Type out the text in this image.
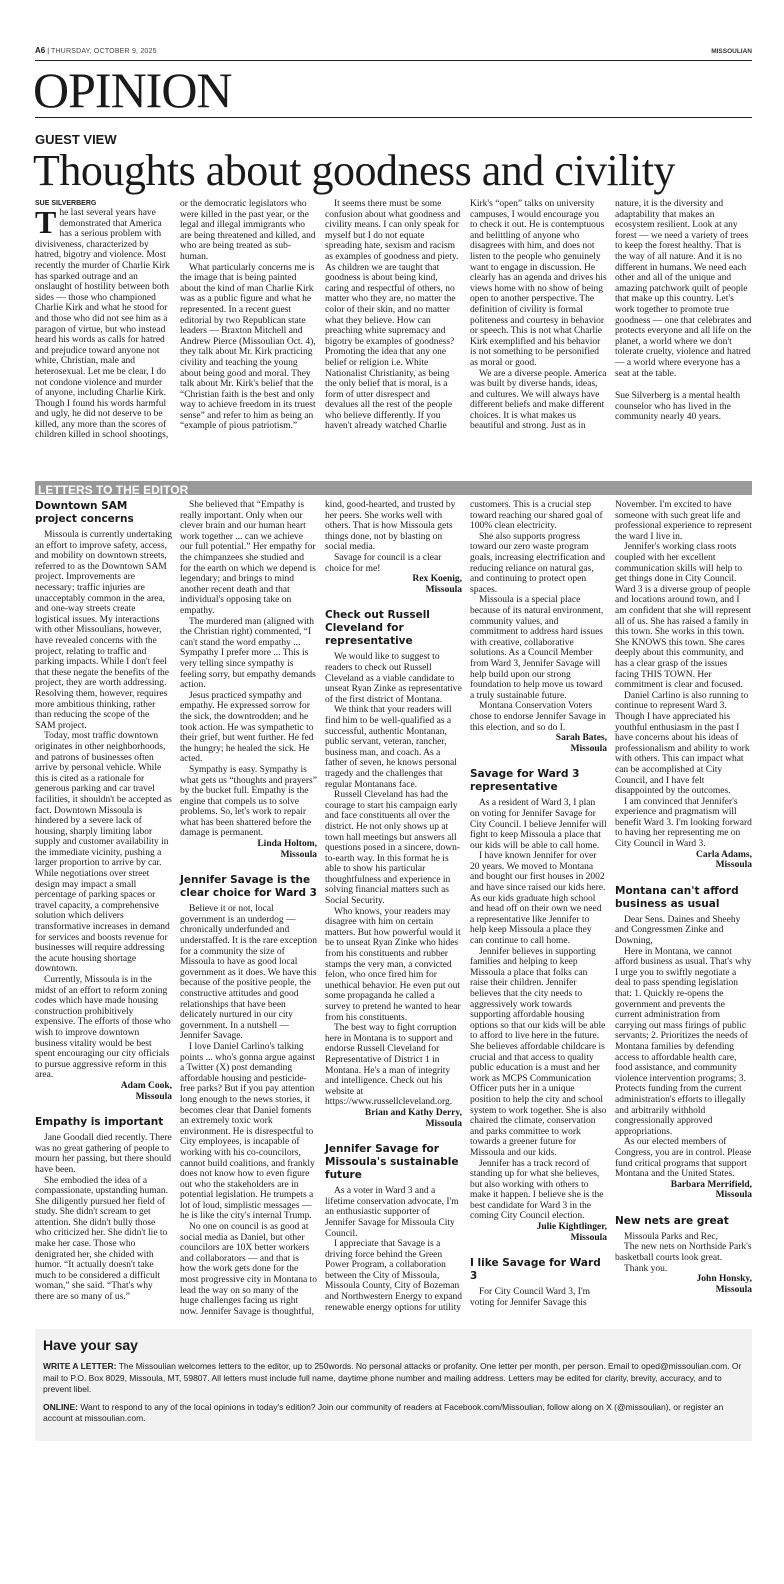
A6 | THURSDAY, OCTOBER 9, 2025	MISSOULIAN
OPINION
GUEST VIEW
Thoughts about goodness and civility
SUE SILVERBERG

The last several years have demonstrated that America has a serious problem with divisiveness, characterized by hatred, bigotry and violence. Most recently the murder of Charlie Kirk has sparked outrage and an onslaught of hostility between both sides — those who championed Charlie Kirk and what he stood for and those who did not see him as a paragon of virtue, but who instead heard his words as calls for hatred and prejudice toward anyone not white, Christian, male and heterosexual. Let me be clear, I do not condone violence and murder of anyone, including Charlie Kirk. Though I found his words harmful and ugly, he did not deserve to be killed, any more than the scores of children killed in school shootings, or the democratic legislators who were killed in the past year, or the legal and illegal immigrants who are being threatened and killed, and who are being treated as sub-human.

What particularly concerns me is the image that is being painted about the kind of man Charlie Kirk was as a public figure and what he represented. In a recent guest editorial by two Republican state leaders — Braxton Mitchell and Andrew Pierce (Missoulian Oct. 4), they talk about Mr. Kirk practicing civility and teaching the young about being good and moral. They talk about Mr. Kirk's belief that the “Christian faith is the best and only way to achieve freedom in its truest sense” and refer to him as being an “example of pious patriotism.”

It seems there must be some confusion about what goodness and civility means. I can only speak for myself but I do not equate spreading hate, sexism and racism as examples of goodness and piety. As children we are taught that goodness is about being kind, caring and respectful of others, no matter who they are, no matter the color of their skin, and no matter what they believe. How can preaching white supremacy and bigotry be examples of goodness? Promoting the idea that any one belief or religion i.e. White Nationalist Christianity, as being the only belief that is moral, is a form of utter disrespect and devalues all the rest of the people who believe differently. If you haven't already watched Charlie Kirk's “open” talks on university campuses, I would encourage you to check it out. He is contemptuous and belittling of anyone who disagrees with him, and does not listen to the people who genuinely want to engage in discussion. He clearly has an agenda and drives his views home with no show of being open to another perspective. The definition of civility is formal politeness and courtesy in behavior or speech. This is not what Charlie Kirk exemplified and his behavior is not something to be personified as moral or good.

We are a diverse people. America was built by diverse hands, ideas, and cultures. We will always have different beliefs and make different choices. It is what makes us beautiful and strong. Just as in nature, it is the diversity and adaptability that makes an ecosystem resilient. Look at any forest — we need a variety of trees to keep the forest healthy. That is the way of all nature. And it is no different in humans. We need each other and all of the unique and amazing patchwork quilt of people that make up this country. Let's work together to promote true goodness — one that celebrates and protects everyone and all life on the planet, a world where we don't tolerate cruelty, violence and hatred — a world where everyone has a seat at the table.

Sue Silverberg is a mental health counselor who has lived in the community nearly 40 years.

LETTERS TO THE EDITOR
Downtown SAM project concerns

Missoula is currently undertaking an effort to improve safety, access, and mobility on downtown streets, referred to as the Downtown SAM project. Improvements are necessary; traffic injuries are unacceptably common in the area, and one-way streets create logistical issues. My interactions with other Missoulians, however, have revealed concerns with the project, relating to traffic and parking impacts. While I don't feel that these negate the benefits of the project, they are worth addressing. Resolving them, however, requires more ambitious thinking, rather than reducing the scope of the SAM project.

Today, most traffic downtown originates in other neighborhoods, and patrons of businesses often arrive by personal vehicle. While this is cited as a rationale for generous parking and car travel facilities, it shouldn't be accepted as fact. Downtown Missoula is hindered by a severe lack of housing, sharply limiting labor supply and customer availability in the immediate vicinity, pushing a larger proportion to arrive by car. While negotiations over street design may impact a small percentage of parking spaces or travel capacity, a comprehensive solution which delivers transformative increases in demand for services and boosts revenue for businesses will require addressing the acute housing shortage downtown.

Currently, Missoula is in the midst of an effort to reform zoning codes which have made housing construction prohibitively expensive. The efforts of those who wish to improve downtown business vitality would be best spent encouraging our city officials to pursue aggressive reform in this area.

Adam Cook,
Missoula
Empathy is important

Jane Goodall died recently. There was no great gathering of people to mourn her passing, but there should have been.

She embodied the idea of a compassionate, upstanding human. She diligently pursued her field of study. She didn't scream to get attention. She didn't bully those who criticized her. She didn't lie to make her case. Those who denigrated her, she chided with humor. “It actually doesn't take much to be considered a difficult woman,” she said. “That's why there are so many of us.”

She believed that “Empathy is really important. Only when our clever brain and our human heart work together ... can we achieve our full potential.” Her empathy for the chimpanzees she studied and for the earth on which we depend is legendary; and brings to mind another recent death and that individual's opposing take on empathy.

The murdered man (aligned with the Christian right) commented, “I can't stand the word empathy ... Sympathy I prefer more ... This is very telling since sympathy is feeling sorry, but empathy demands action.

Jesus practiced sympathy and empathy. He expressed sorrow for the sick, the downtrodden; and he took action. He was sympathetic to their grief, but went further. He fed the hungry; he healed the sick. He acted.

Sympathy is easy. Sympathy is what gets us “thoughts and prayers” by the bucket full. Empathy is the engine that compels us to solve problems. So, let's work to repair what has been shattered before the damage is permanent.

Linda Holtom,
Missoula
Jennifer Savage is the clear choice for Ward 3

Believe it or not, local government is an underdog — chronically underfunded and understaffed. It is the rare exception for a community the size of Missoula to have as good local government as it does. We have this because of the positive people, the constructive attitudes and good relationships that have been delicately nurtured in our city government. In a nutshell — Jennifer Savage.

I love Daniel Carlino's talking points ... who's gonna argue against a Twitter (X) post demanding affordable housing and pesticide-free parks? But if you pay attention long enough to the news stories, it becomes clear that Daniel foments an extremely toxic work environment. He is disrespectful to City employees, is incapable of working with his co-councilors, cannot build coalitions, and frankly does not know how to even figure out who the stakeholders are in potential legislation. He trumpets a lot of loud, simplistic messages — he is like the city's internal Trump.

No one on council is as good at social media as Daniel, but other councilors are 10X better workers and collaborators — and that is how the work gets done for the most progressive city in Montana to lead the way on so many of the huge challenges facing us right now. Jennifer Savage is thoughtful, kind, good-hearted, and trusted by her peers. She works well with others. That is how Missoula gets things done, not by blasting on social media.

Savage for council is a clear choice for me!

Rex Koenig,
Missoula
Check out Russell Cleveland for representative

We would like to suggest to readers to check out Russell Cleveland as a viable candidate to unseat Ryan Zinke as representative of the first district of Montana.

We think that your readers will find him to be well-qualified as a successful, authentic Montanan, public servant, veteran, rancher, business man, and coach. As a father of seven, he knows personal tragedy and the challenges that regular Montanans face.

Russell Cleveland has had the courage to start his campaign early and face constituents all over the district. He not only shows up at town hall meetings but answers all questions posed in a sincere, down-to-earth way. In this format he is able to show his particular thoughtfulness and experience in solving financial matters such as Social Security.

Who knows, your readers may disagree with him on certain matters. But how powerful would it be to unseat Ryan Zinke who hides from his constituents and rubber stamps the very man, a convicted felon, who once fired him for unethical behavior. He even put out some propaganda he called a survey to pretend he wanted to hear from his constituents.

The best way to fight corruption here in Montana is to support and endorse Russell Cleveland for Representative of District 1 in Montana. He's a man of integrity and intelligence. Check out his website at https://www.russellcleveland.org.

Brian and Kathy Derry,
Missoula
Jennifer Savage for Missoula's sustainable future

As a voter in Ward 3 and a lifetime conservation advocate, I'm an enthusiastic supporter of Jennifer Savage for Missoula City Council.

I appreciate that Savage is a driving force behind the Green Power Program, a collaboration between the City of Missoula, Missoula County, City of Bozeman and Northwestern Energy to expand renewable energy options for utility customers. This is a crucial step toward reaching our shared goal of 100% clean electricity.

She also supports progress toward our zero waste program goals, increasing electrification and reducing reliance on natural gas, and continuing to protect open spaces.

Missoula is a special place because of its natural environment, community values, and commitment to address hard issues with creative, collaborative solutions. As a Council Member from Ward 3, Jennifer Savage will help build upon our strong foundation to help move us toward a truly sustainable future.

Montana Conservation Voters chose to endorse Jennifer Savage in this election, and so do I.

Sarah Bates,
Missoula
Savage for Ward 3 representative

As a resident of Ward 3, I plan on voting for Jennifer Savage for City Council. I believe Jennifer will fight to keep Missoula a place that our kids will be able to call home.

I have known Jennifer for over 20 years. We moved to Montana and bought our first houses in 2002 and have since raised our kids here. As our kids graduate high school and head off on their own we need a representative like Jennifer to help keep Missoula a place they can continue to call home.

Jennifer believes in supporting families and helping to keep Missoula a place that folks can raise their children. Jennifer believes that the city needs to aggressively work towards supporting affordable housing options so that our kids will be able to afford to live here in the future. She believes affordable childcare is crucial and that access to quality public education is a must and her work as MCPS Communication Officer puts her in a unique position to help the city and school system to work together. She is also chaired the climate, conservation and parks committee to work towards a greener future for Missoula and our kids.

Jennifer has a track record of standing up for what she believes, but also working with others to make it happen. I believe she is the best candidate for Ward 3 in the coming City Council election.

Julie Kightlinger,
Missoula
I like Savage for Ward 3

For City Council Ward 3, I'm voting for Jennifer Savage this November. I'm excited to have someone with such great life and professional experience to represent the ward I live in.

Jennifer's working class roots coupled with her excellent communication skills will help to get things done in City Council. Ward 3 is a diverse group of people and locations around town, and I am confident that she will represent all of us. She has raised a family in this town. She works in this town. She KNOWS this town. She cares deeply about this community, and has a clear grasp of the issues facing THIS TOWN. Her commitment is clear and focused.

Daniel Carlino is also running to continue to represent Ward 3. Though I have appreciated his youthful enthusiasm in the past I have concerns about his ideas of professionalism and ability to work with others. This can impact what can be accomplished at City Council, and I have felt disappointed by the outcomes.

I am convinced that Jennifer's experience and pragmatism will benefit Ward 3. I'm looking forward to having her representing me on City Council in Ward 3.

Carla Adams,
Missoula
Montana can't afford business as usual

Dear Sens. Daines and Sheehy and Congressmen Zinke and Downing,

Here in Montana, we cannot afford business as usual. That's why I urge you to swiftly negotiate a deal to pass spending legislation that: 1. Quickly re-opens the government and prevents the current administration from carrying out mass firings of public servants; 2. Prioritizes the needs of Montana families by defending access to affordable health care, food assistance, and community violence intervention programs; 3. Protects funding from the current administration's efforts to illegally and arbitrarily withhold congressionally approved appropriations.

As our elected members of Congress, you are in control. Please fund critical programs that support Montana and the United States.

Barbara Merrifield,
Missoula
New nets are great

Missoula Parks and Rec,

The new nets on Northside Park's basketball courts look great.

Thank you.

John Honsky,
Missoula
Have your say

WRITE A LETTER: The Missoulian welcomes letters to the editor, up to 250words. No personal attacks or profanity. One letter per month, per person. Email to oped@missoulian.com. Or mail to P.O. Box 8029, Missoula, MT, 59807. All letters must include full name, daytime phone number and mailing address. Letters may be edited for clarity, brevity, accuracy, and to prevent libel.

ONLINE: Want to respond to any of the local opinions in today's edition? Join our community of readers at Facebook.com/Missoulian, follow along on X (@missoulian), or register an account at missoulian.com.
